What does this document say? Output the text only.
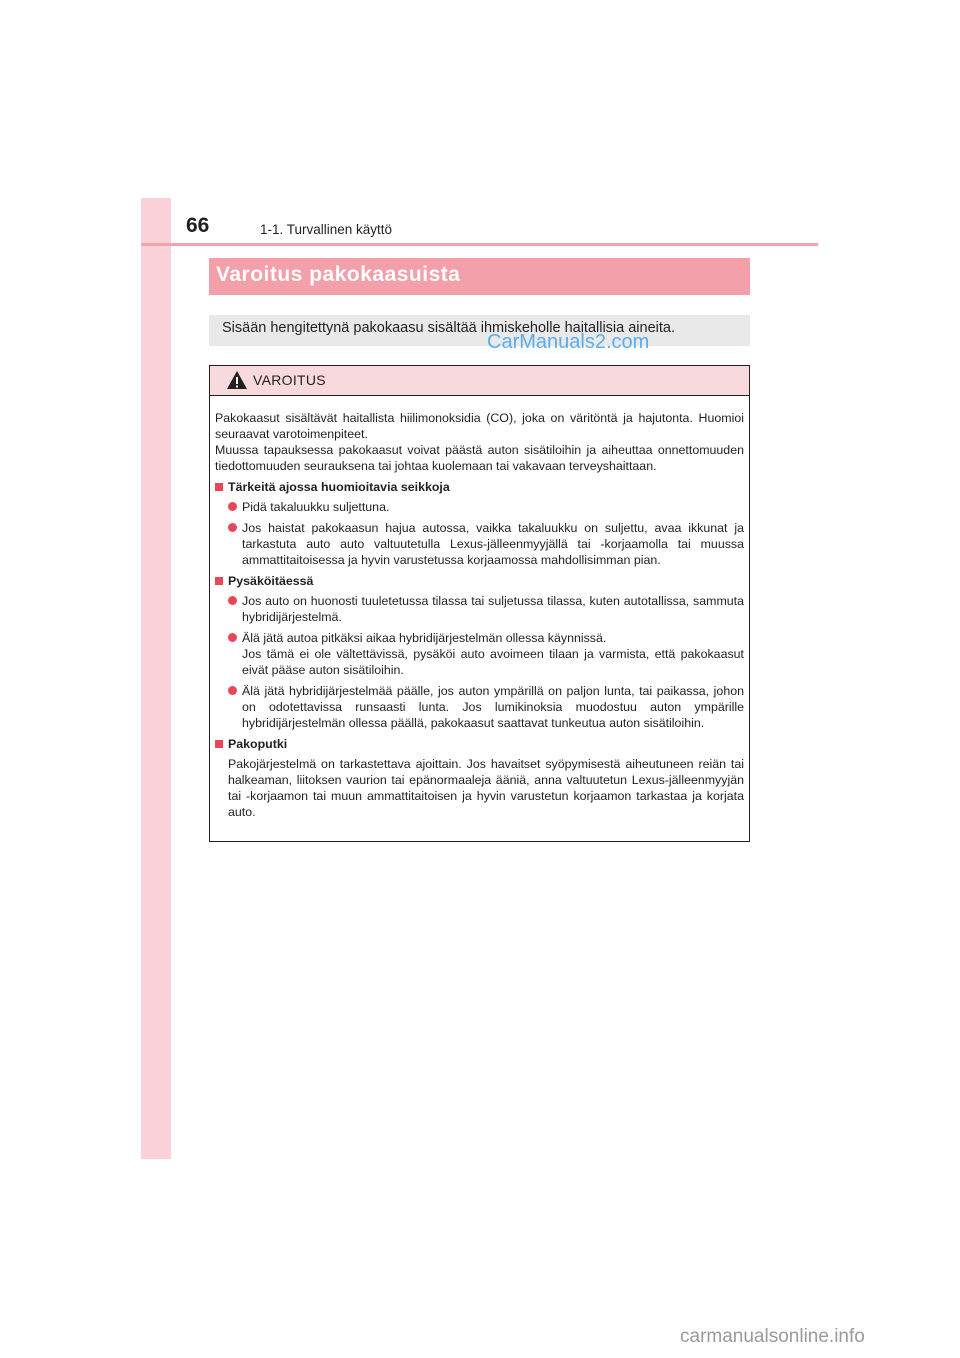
66	1-1. Turvallinen käyttö
Varoitus pakokaasuista
Sisään hengitettynä pakokaasu sisältää ihmiskeholle haitallisia aineita.
CarManuals2.com
VAROITUS

Pakokaasut sisältävät haitallista hiilimonoksidia (CO), joka on väritöntä ja hajutonta. Huomioi seuraavat varotoimenpiteet.

Muussa tapauksessa pakokaasut voivat päästä auton sisätiloihin ja aiheuttaa onnettomuuden tiedottomuuden seurauksena tai johtaa kuolemaan tai vakavaan terveyshaittaan.

Tärkeitä ajossa huomioitavia seikkoja
Pidä takaluukku suljettuna.
Jos haistat pakokaasun hajua autossa, vaikka takaluukku on suljettu, avaa ikkunat ja tarkastuta auto auto valtuutetulla Lexus-jälleenmyyjällä tai -korjaamolla tai muussa ammattitaitoisessa ja hyvin varustetussa korjaamossa mahdollisimman pian.
Pysäköitäessä
Jos auto on huonosti tuuletetussa tilassa tai suljetussa tilassa, kuten autotallissa, sammuta hybridijärjestelmä.
Älä jätä autoa pitkäksi aikaa hybridijärjestelmän ollessa käynnissä.
Jos tämä ei ole vältettävissä, pysäköi auto avoimeen tilaan ja varmista, että pakokaasut eivät pääse auton sisätiloihin.
Älä jätä hybridijärjestelmää päälle, jos auton ympärillä on paljon lunta, tai paikassa, johon on odotettavissa runsaasti lunta. Jos lumikinoksia muodostuu auton ympärille hybridijärjestelmän ollessa päällä, pakokaasut saattavat tunkeutua auton sisätiloihin.
Pakoputki

Pakojärjestelmä on tarkastettava ajoittain. Jos havaitset syöpymisestä aiheutuneen reiän tai halkeaman, liitoksen vaurion tai epänormaaleja ääniä, anna valtuutetun Lexus-jälleenmyyjän tai -korjaamon tai muun ammattitaitoisen ja hyvin varustetun korjaamon tarkastaa ja korjata auto.

carmanualsonline.info
